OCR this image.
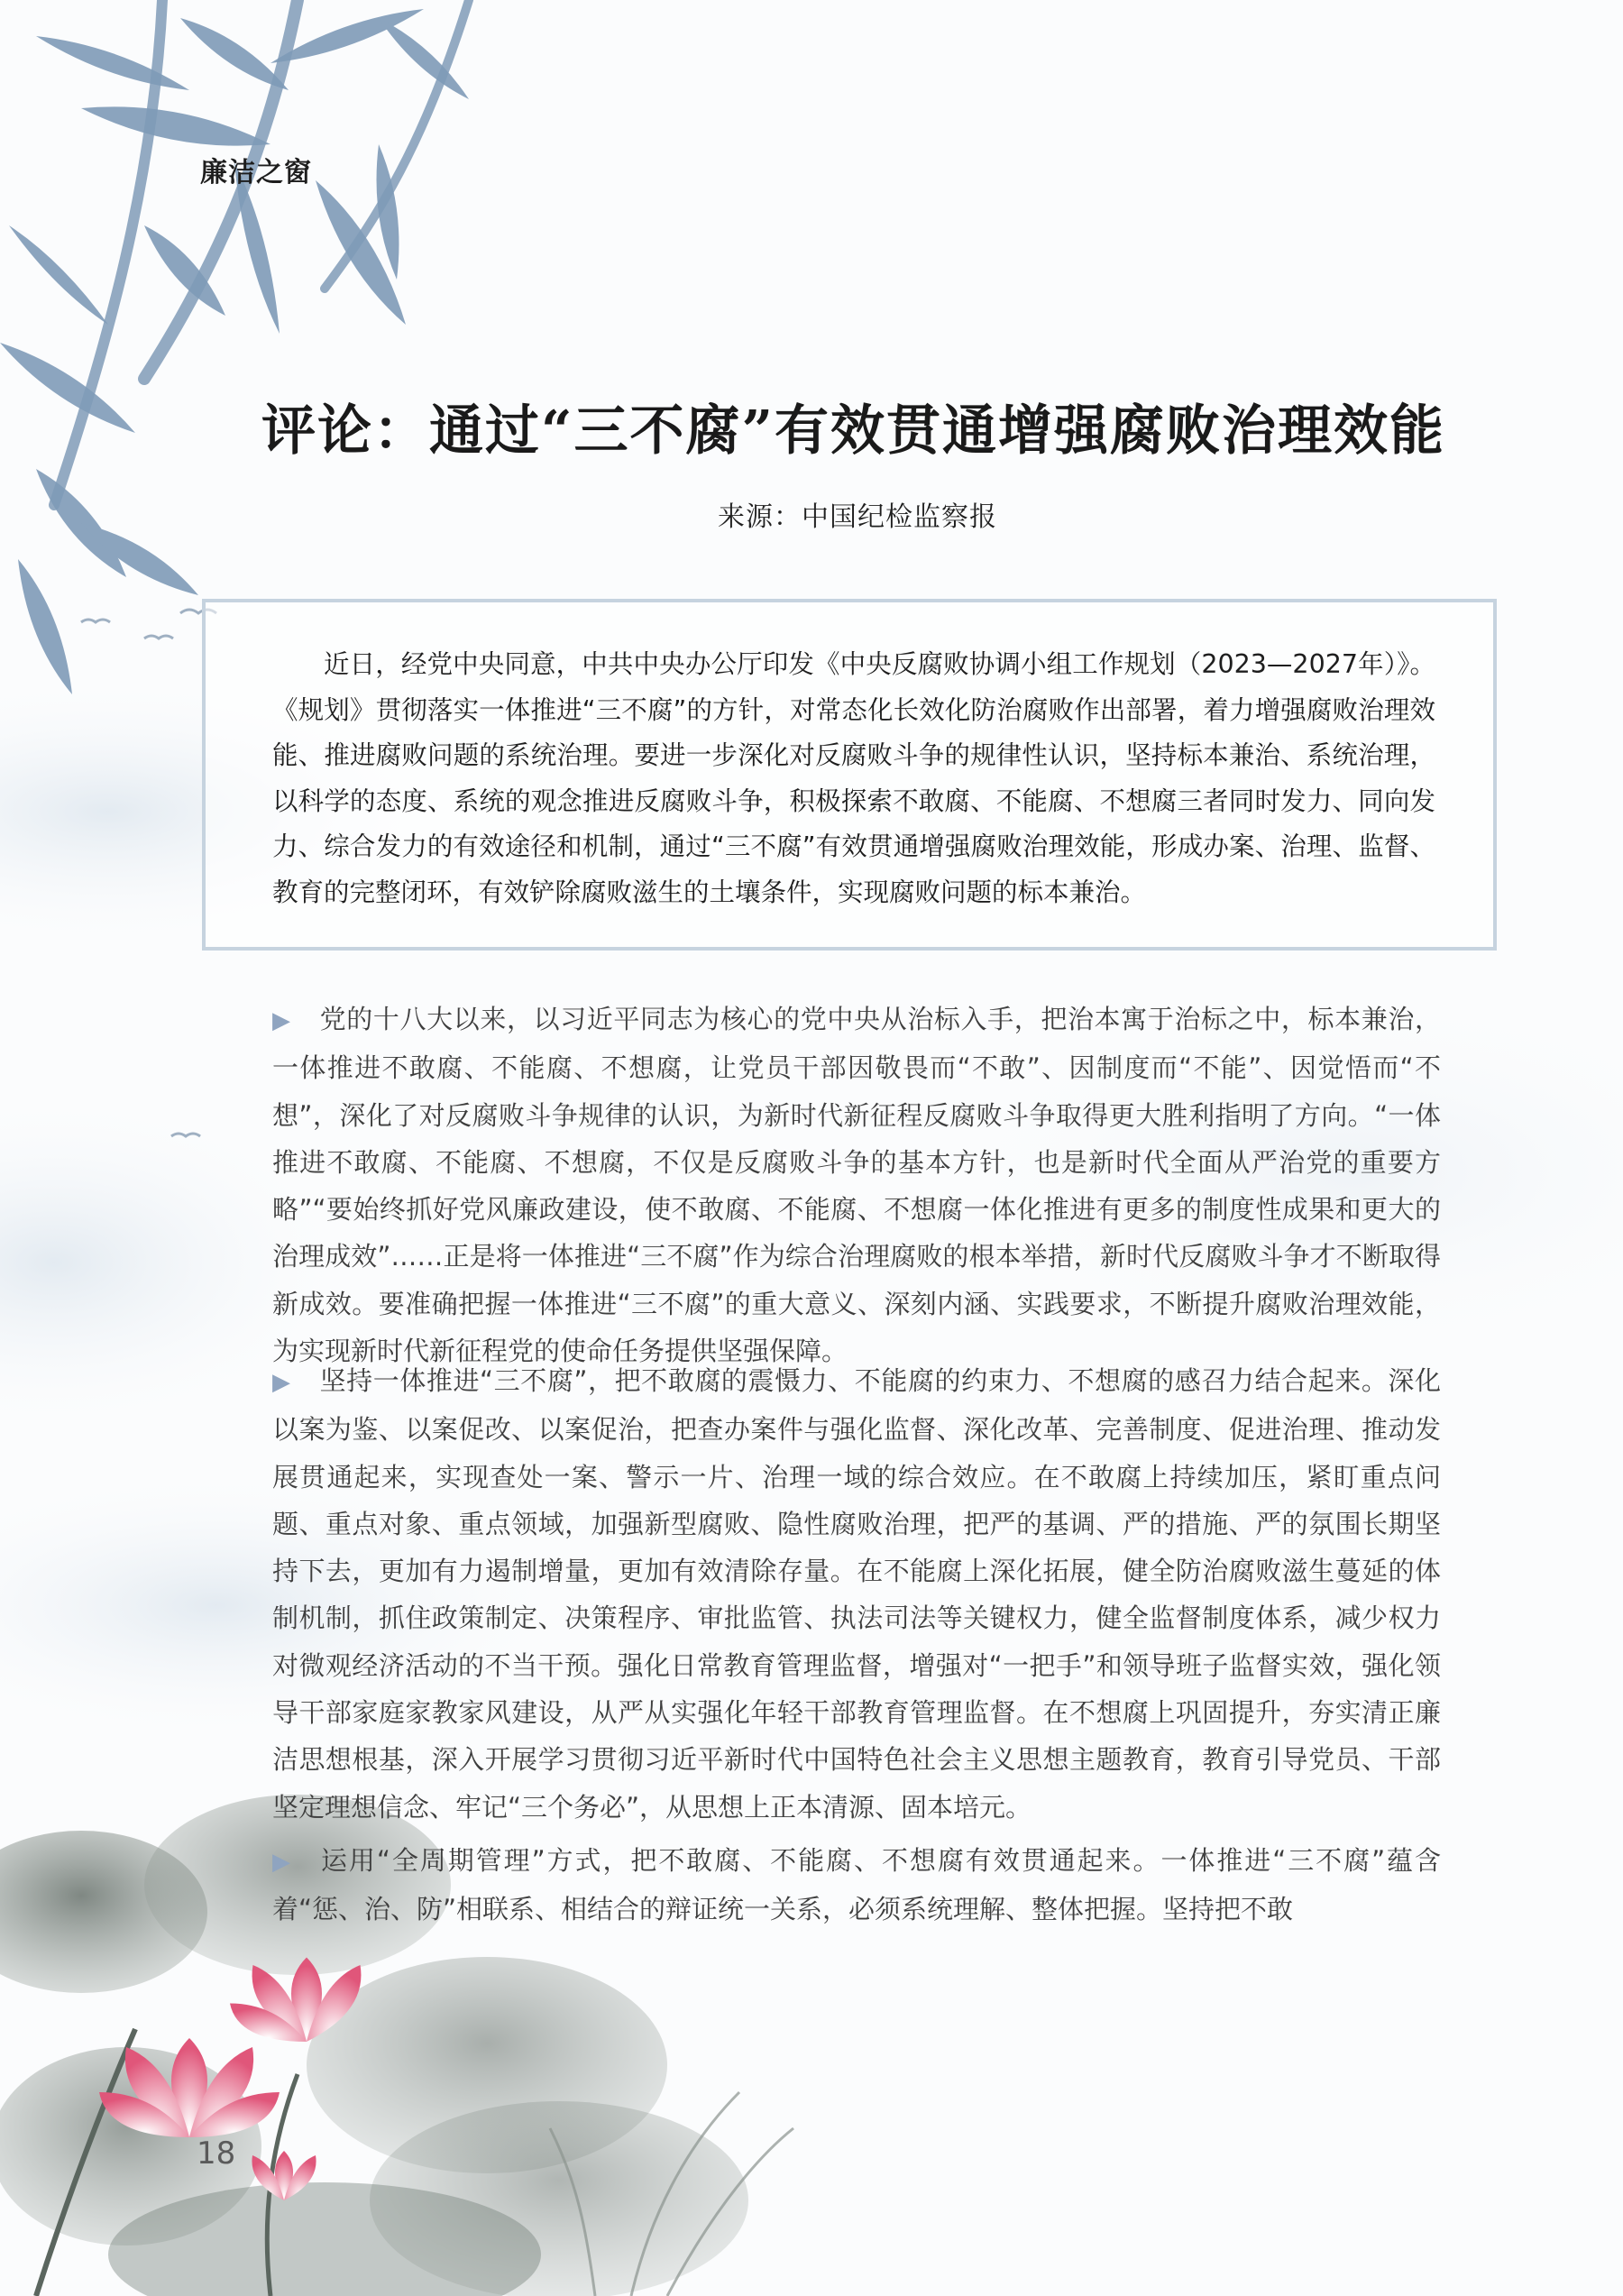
廉洁之窗
评论：通过“三不腐”有效贯通增强腐败治理效能
来源：中国纪检监察报

近日，经党中央同意，中共中央办公厅印发《中央反腐败协调小组工作规划（2023—2027年）》。《规划》贯彻落实一体推进“三不腐”的方针，对常态化长效化防治腐败作出部署，着力增强腐败治理效能、推进腐败问题的系统治理。要进一步深化对反腐败斗争的规律性认识，坚持标本兼治、系统治理，以科学的态度、系统的观念推进反腐败斗争，积极探索不敢腐、不能腐、不想腐三者同时发力、同向发力、综合发力的有效途径和机制，通过“三不腐”有效贯通增强腐败治理效能，形成办案、治理、监督、教育的完整闭环，有效铲除腐败滋生的土壤条件，实现腐败问题的标本兼治。

▶ 党的十八大以来，以习近平同志为核心的党中央从治标入手，把治本寓于治标之中，标本兼治，一体推进不敢腐、不能腐、不想腐，让党员干部因敬畏而“不敢”、因制度而“不能”、因觉悟而“不想”，深化了对反腐败斗争规律的认识，为新时代新征程反腐败斗争取得更大胜利指明了方向。“一体推进不敢腐、不能腐、不想腐，不仅是反腐败斗争的基本方针，也是新时代全面从严治党的重要方略”“要始终抓好党风廉政建设，使不敢腐、不能腐、不想腐一体化推进有更多的制度性成果和更大的治理成效”……正是将一体推进“三不腐”作为综合治理腐败的根本举措，新时代反腐败斗争才不断取得新成效。要准确把握一体推进“三不腐”的重大意义、深刻内涵、实践要求，不断提升腐败治理效能，为实现新时代新征程党的使命任务提供坚强保障。

▶ 坚持一体推进“三不腐”，把不敢腐的震慑力、不能腐的约束力、不想腐的感召力结合起来。深化以案为鉴、以案促改、以案促治，把查办案件与强化监督、深化改革、完善制度、促进治理、推动发展贯通起来，实现查处一案、警示一片、治理一域的综合效应。在不敢腐上持续加压，紧盯重点问题、重点对象、重点领域，加强新型腐败、隐性腐败治理，把严的基调、严的措施、严的氛围长期坚持下去，更加有力遏制增量，更加有效清除存量。在不能腐上深化拓展，健全防治腐败滋生蔓延的体制机制，抓住政策制定、决策程序、审批监管、执法司法等关键权力，健全监督制度体系，减少权力对微观经济活动的不当干预。强化日常教育管理监督，增强对“一把手”和领导班子监督实效，强化领导干部家庭家教家风建设，从严从实强化年轻干部教育管理监督。在不想腐上巩固提升，夯实清正廉洁思想根基，深入开展学习贯彻习近平新时代中国特色社会主义思想主题教育，教育引导党员、干部坚定理想信念、牢记“三个务必”，从思想上正本清源、固本培元。

▶ 运用“全周期管理”方式，把不敢腐、不能腐、不想腐有效贯通起来。一体推进“三不腐”蕴含着“惩、治、防”相联系、相结合的辩证统一关系，必须系统理解、整体把握。坚持把不敢

18
